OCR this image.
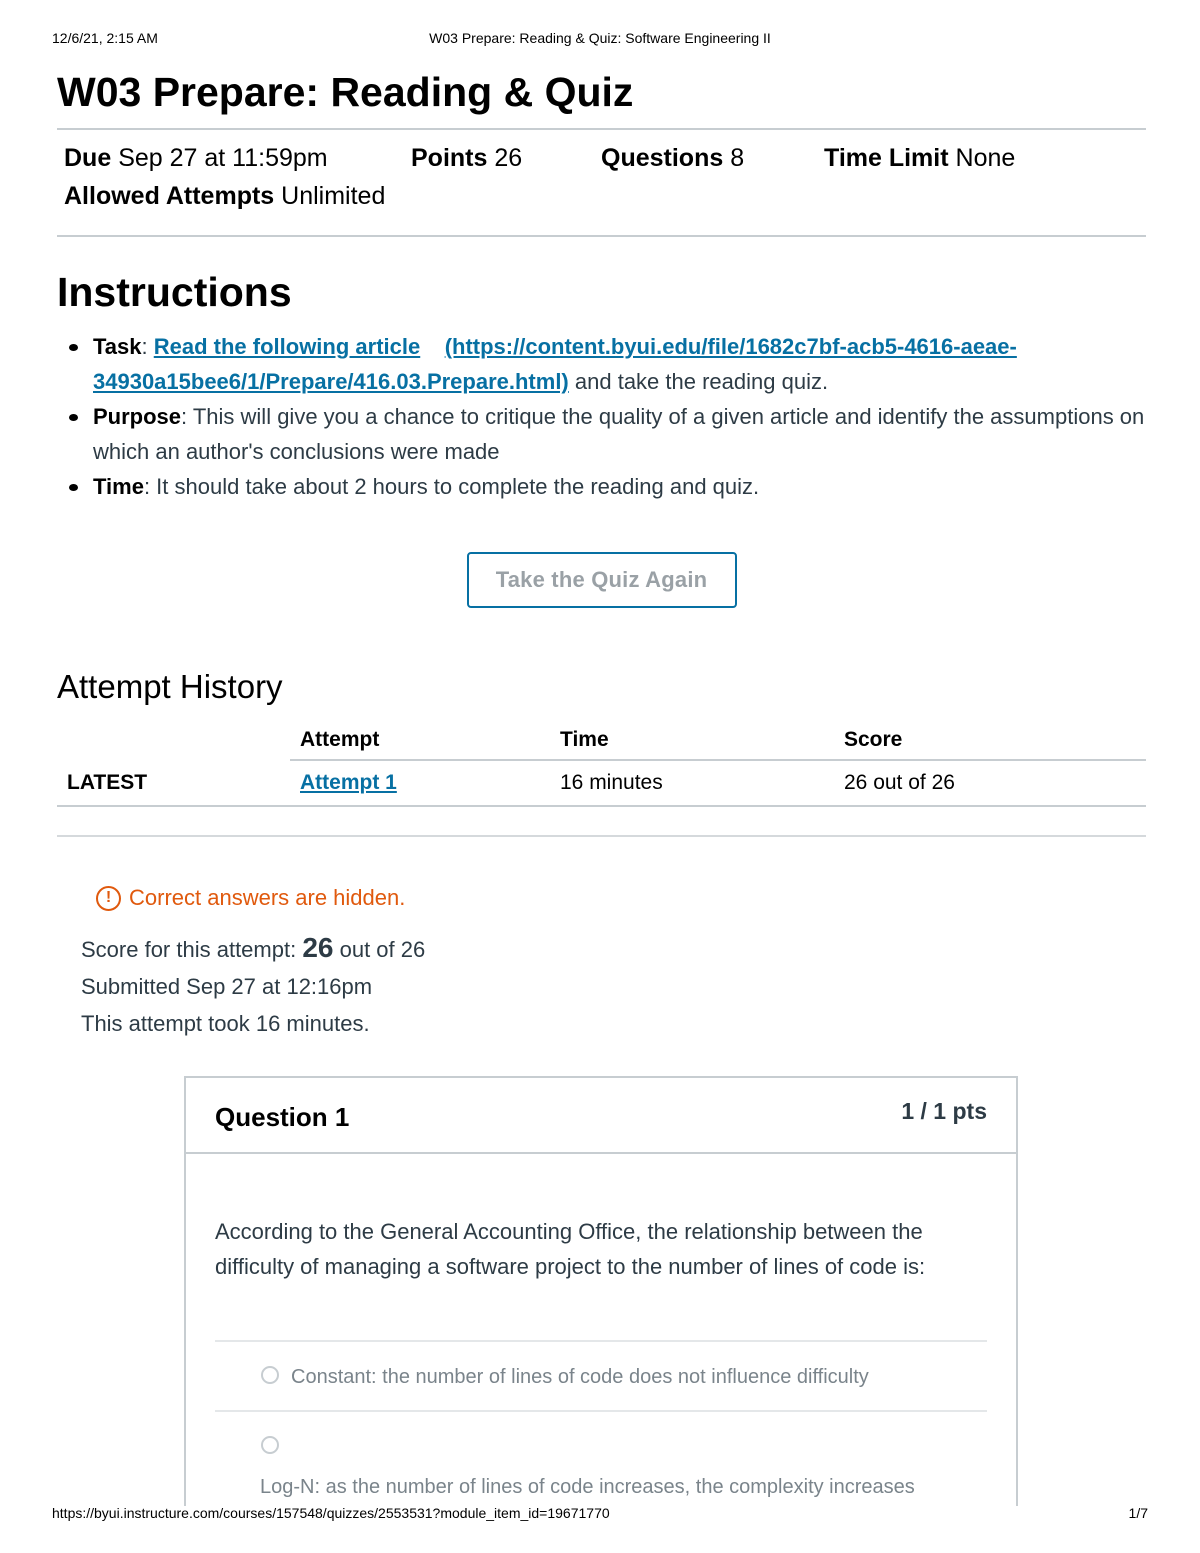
12/6/21, 2:15 AM	W03 Prepare: Reading & Quiz: Software Engineering II
W03 Prepare: Reading & Quiz
Due Sep 27 at 11:59pm	Points 26	Questions 8	Time Limit None
Allowed Attempts Unlimited
Instructions
Task: Read the following article (https://content.byui.edu/file/1682c7bf-acb5-4616-aeae-
34930a15bee6/1/Prepare/416.03.Prepare.html) and take the reading quiz.
Purpose: This will give you a chance to critique the quality of a given article and identify the assumptions on which an author's conclusions were made
Time: It should take about 2 hours to complete the reading and quiz.
Take the Quiz Again
Attempt History
	Attempt	Time	Score
LATEST	Attempt 1	16 minutes	26 out of 26
! Correct answers are hidden.
Score for this attempt: 26 out of 26
Submitted Sep 27 at 12:16pm
This attempt took 16 minutes.
Question 1	1 / 1 pts
According to the General Accounting Office, the relationship between the difficulty of managing a software project to the number of lines of code is:
Constant: the number of lines of code does not influence difficulty
Log-N: as the number of lines of code increases, the complexity increases
https://byui.instructure.com/courses/157548/quizzes/2553531?module_item_id=19671770	1/7
